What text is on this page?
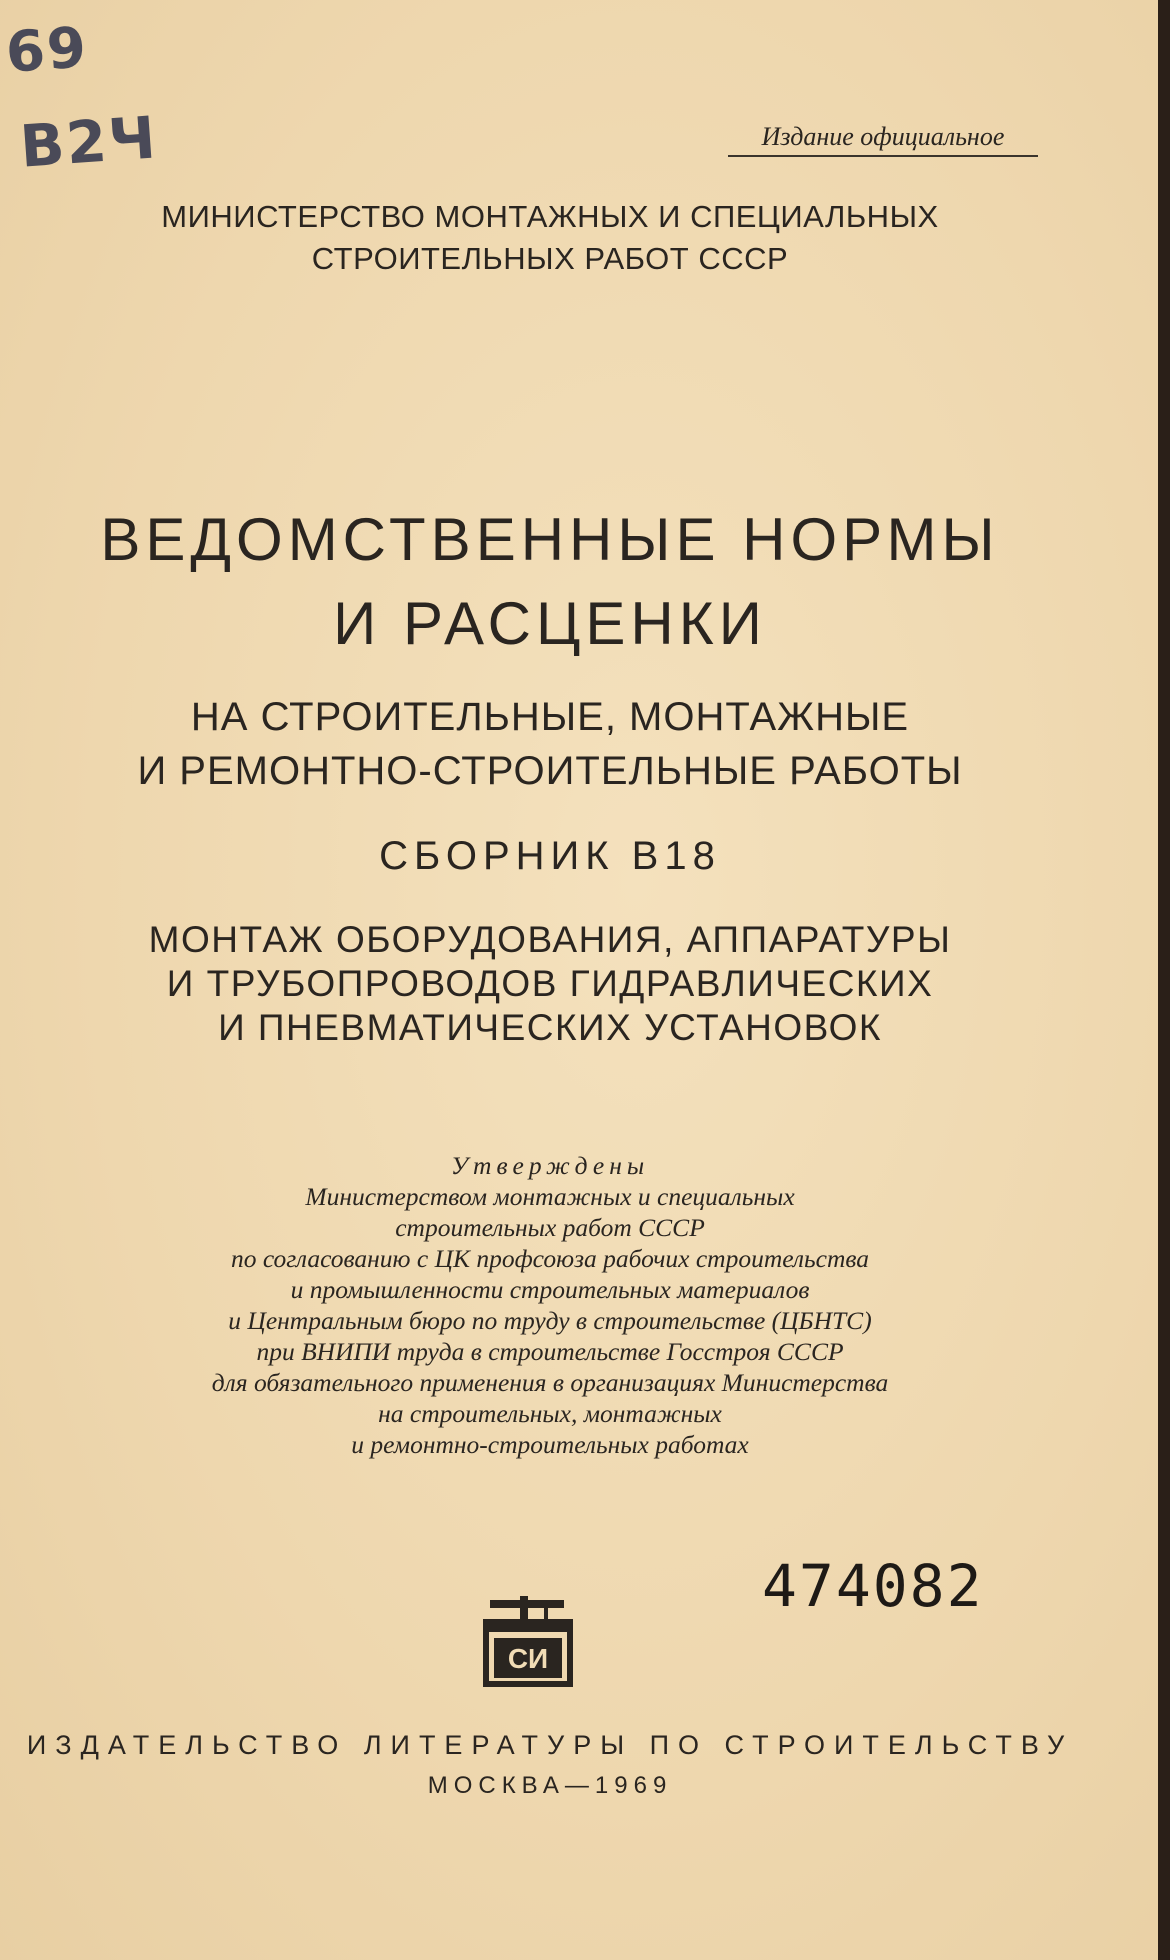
69
В2Ч	Издание официальное
МИНИСТЕРСТВО МОНТАЖНЫХ И СПЕЦИАЛЬНЫХ
СТРОИТЕЛЬНЫХ РАБОТ СССР
ВЕДОМСТВЕННЫЕ НОРМЫ
И РАСЦЕНКИ
НА СТРОИТЕЛЬНЫЕ, МОНТАЖНЫЕ
И РЕМОНТНО-СТРОИТЕЛЬНЫЕ РАБОТЫ
СБОРНИК В18
МОНТАЖ ОБОРУДОВАНИЯ, АППАРАТУРЫ
И ТРУБОПРОВОДОВ ГИДРАВЛИЧЕСКИХ
И ПНЕВМАТИЧЕСКИХ УСТАНОВОК
Утверждены
Министерством монтажных и специальных
строительных работ СССР
по согласованию с ЦК профсоюза рабочих строительства
и промышленности строительных материалов
и Центральным бюро по труду в строительстве (ЦБНТС)
при ВНИПИ труда в строительстве Госстроя СССР
для обязательного применения в организациях Министерства
на строительных, монтажных
и ремонтно-строительных работах
474082
СИ
ИЗДАТЕЛЬСТВО ЛИТЕРАТУРЫ ПО СТРОИТЕЛЬСТВУ
МОСКВА—1969
